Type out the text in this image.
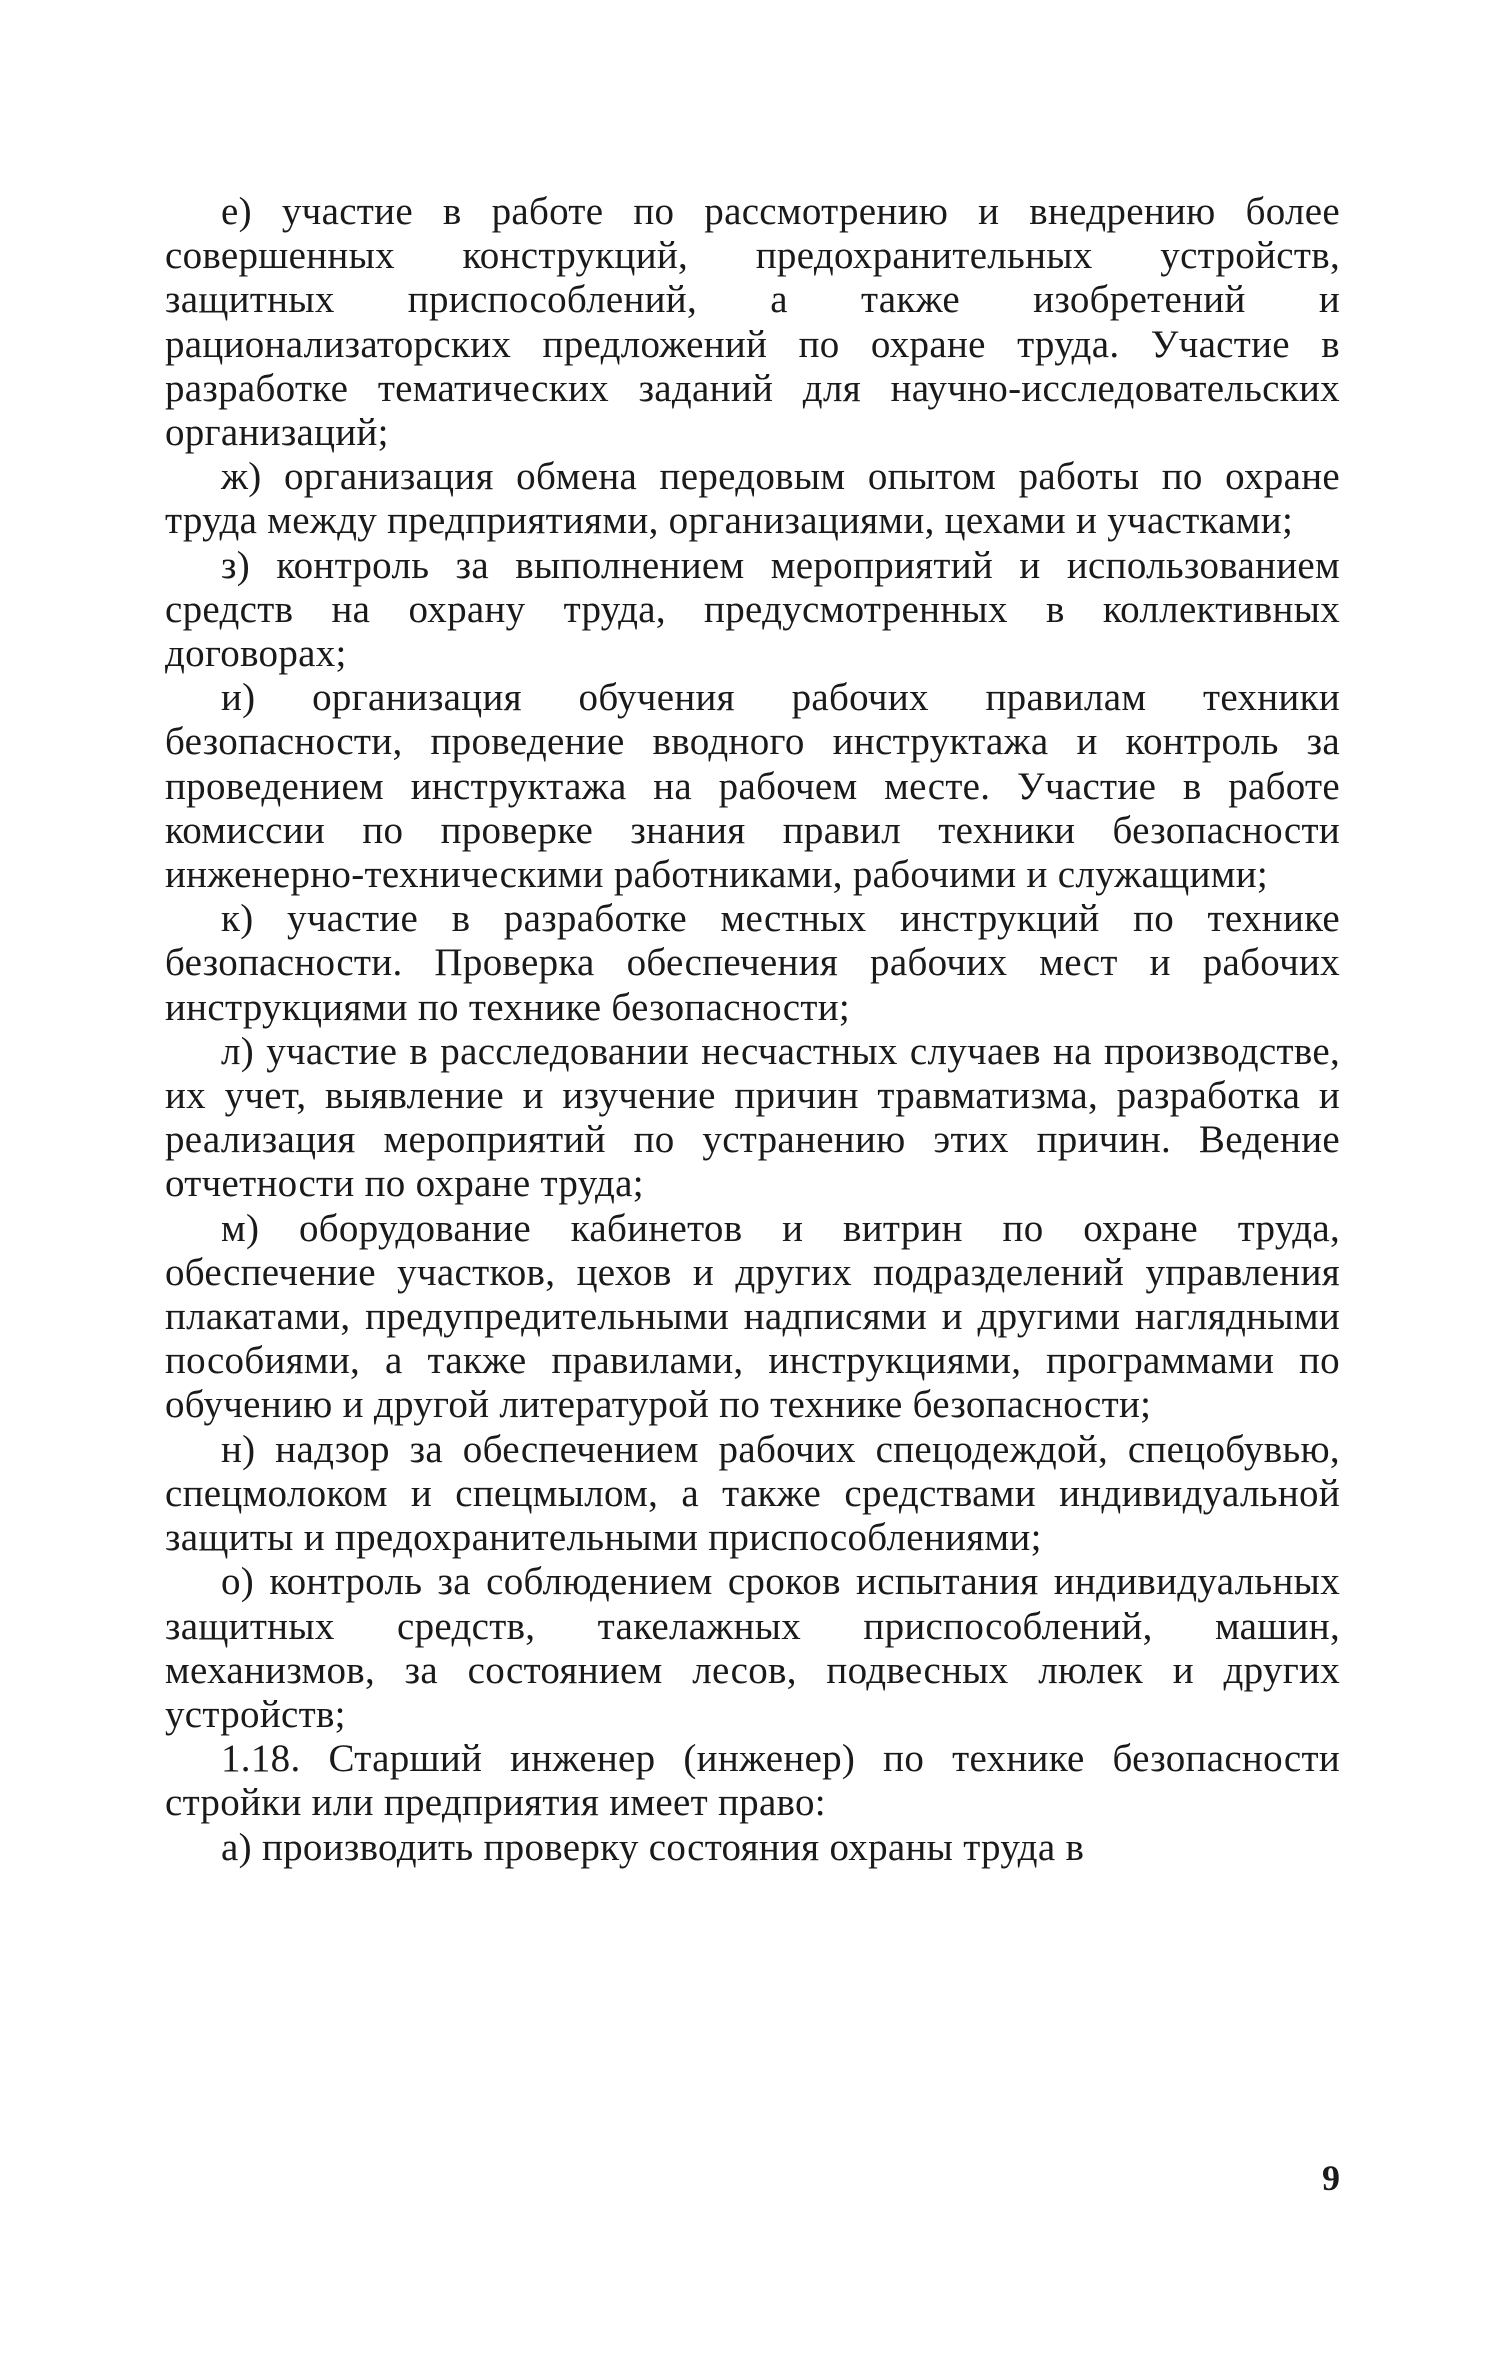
е) участие в работе по рассмотрению и внедрению более совершенных конструкций, предохранительных устройств, защитных приспособлений, а также изобретений и рационализаторских предложений по охране труда. Участие в разработке тематических заданий для научно-исследовательских организаций;

ж) организация обмена передовым опытом работы по охране труда между предприятиями, организациями, цехами и участками;

з) контроль за выполнением мероприятий и использованием средств на охрану труда, предусмотренных в коллективных договорах;

и) организация обучения рабочих правилам техники безопасности, проведение вводного инструктажа и контроль за проведением инструктажа на рабочем месте. Участие в работе комиссии по проверке знания правил техники безопасности инженерно-техническими работниками, рабочими и служащими;

к) участие в разработке местных инструкций по технике безопасности. Проверка обеспечения рабочих мест и рабочих инструкциями по технике безопасности;

л) участие в расследовании несчастных случаев на производстве, их учет, выявление и изучение причин травматизма, разработка и реализация мероприятий по устранению этих причин. Ведение отчетности по охране труда;

м) оборудование кабинетов и витрин по охране труда, обеспечение участков, цехов и других подразделений управления плакатами, предупредительными надписями и другими наглядными пособиями, а также правилами, инструкциями, программами по обучению и другой литературой по технике безопасности;

н) надзор за обеспечением рабочих спецодеждой, спецобувью, спецмолоком и спецмылом, а также средствами индивидуальной защиты и предохранительными приспособлениями;

о) контроль за соблюдением сроков испытания индивидуальных защитных средств, такелажных приспособлений, машин, механизмов, за состоянием лесов, подвесных люлек и других устройств;

1.18. Старший инженер (инженер) по технике безопасности стройки или предприятия имеет право:

а) производить проверку состояния охраны труда в

9
